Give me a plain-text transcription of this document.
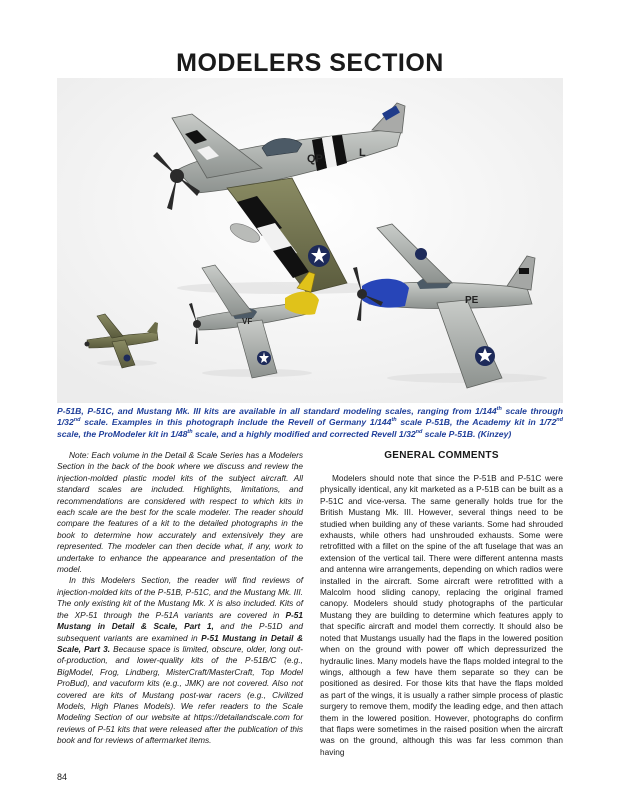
MODELERS SECTION
QP	L
PE
VF
P-51B, P-51C, and Mustang Mk. III kits are available in all standard modeling scales, ranging from 1/144th scale through 1/32nd scale. Examples in this photograph include the Revell of Germany 1/144th scale P-51B, the Academy kit in 1/72nd scale, the ProModeler kit in 1/48th scale, and a highly modified and corrected Revell 1/32nd scale P-51B. (Kinzey)

Note: Each volume in the Detail & Scale Series has a Modelers Section in the back of the book where we discuss and review the injection-molded plastic model kits of the subject aircraft. All standard scales are included. Highlights, limitations, and recommendations are considered with respect to which kits in each scale are the best for the scale modeler. The reader should compare the features of a kit to the detailed photographs in the book to determine how accurately and extensively they are represented. The modeler can then decide what, if any, work to undertake to enhance the appearance and presentation of the model.

In this Modelers Section, the reader will find reviews of injection-molded kits of the P-51B, P-51C, and the Mustang Mk. III. The only existing kit of the Mustang Mk. X is also included. Kits of the XP-51 through the P-51A variants are covered in P-51 Mustang in Detail & Scale, Part 1, and the P-51D and subsequent variants are examined in P-51 Mustang in Detail & Scale, Part 3. Because space is limited, obscure, older, long out-of-production, and lower-quality kits of the P-51B/C (e.g., BigModel, Frog, Lindberg, MisterCraft/MasterCraft, Top Model ProBud), and vacuform kits (e.g., JMK) are not covered. Also not covered are kits of Mustang post-war racers (e.g., Civilized Models, High Planes Models). We refer readers to the Scale Modeling Section of our website at https://detailandscale.com for reviews of P-51 kits that were released after the publication of this book and for reviews of aftermarket items.

GENERAL COMMENTS

Modelers should note that since the P-51B and P-51C were physically identical, any kit marketed as a P-51B can be built as a P-51C and vice-versa. The same generally holds true for the British Mustang Mk. III. However, several things need to be studied when building any of these variants. Some had shrouded exhausts, while others had unshrouded exhausts. Some were retrofitted with a fillet on the spine of the aft fuselage that was an extension of the vertical tail. There were different antenna masts and antenna wire arrangements, depending on which radios were installed in the aircraft. Some aircraft were retrofitted with a Malcolm hood sliding canopy, replacing the original framed canopy. Modelers should study photographs of the particular Mustang they are building to determine which features apply to that specific aircraft and model them correctly. It should also be noted that Mustangs usually had the flaps in the lowered position when on the ground with power off which depressurized the hydraulic lines. Many models have the flaps molded integral to the wings, although a few have them separate so they can be positioned as desired. For those kits that have the flaps molded as part of the wings, it is usually a rather simple process of plastic surgery to remove them, modify the leading edge, and then attach them in the lowered position. However, photographs do confirm that flaps were sometimes in the raised position when the aircraft was on the ground, although this was far less common than having

84
